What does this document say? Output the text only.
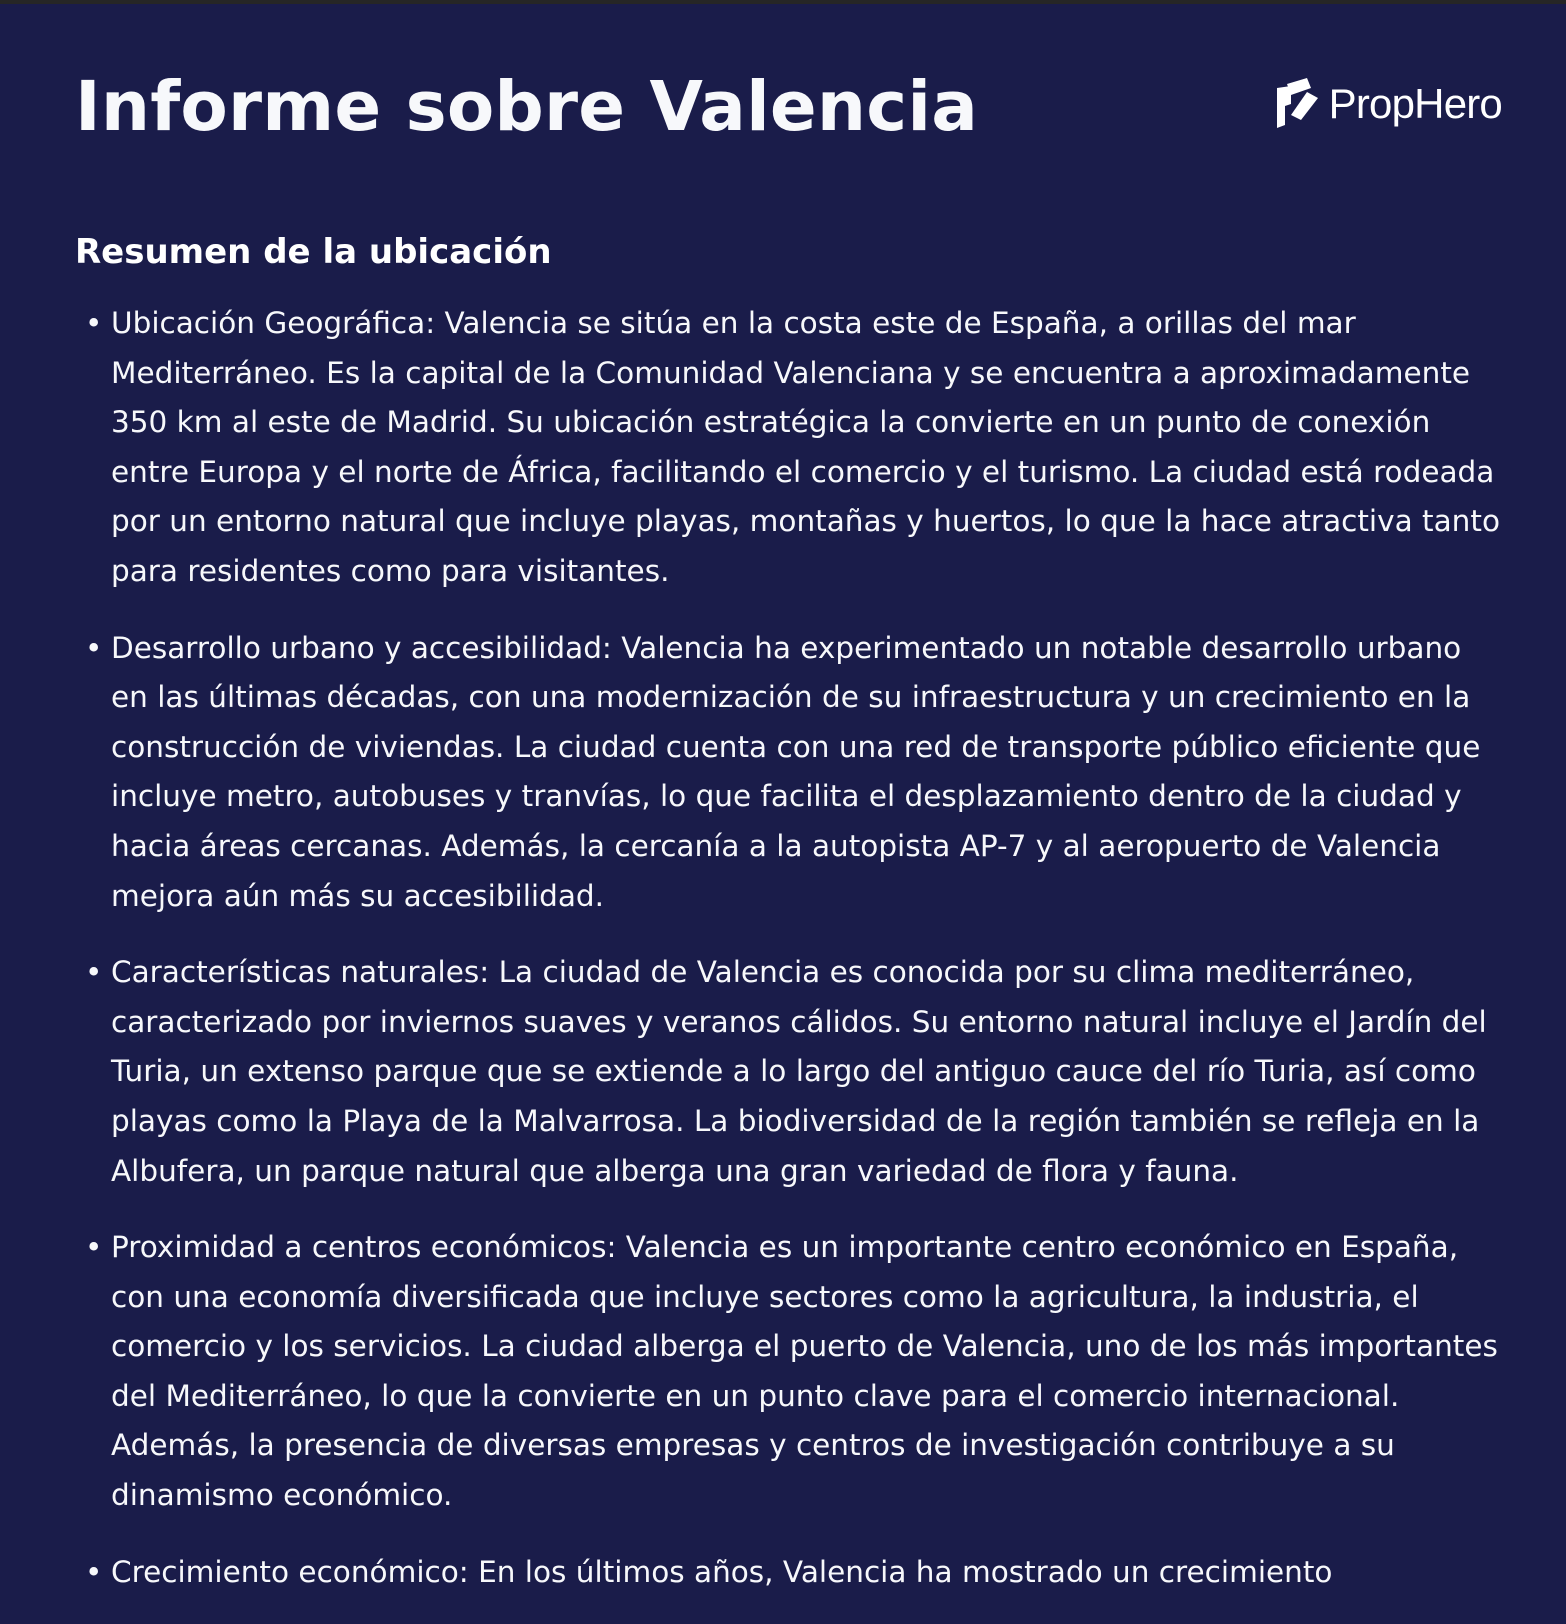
Informe sobre Valencia	PropHero
Resumen de la ubicación
• Ubicación Geográfica: Valencia se sitúa en la costa este de España, a orillas del mar Mediterráneo. Es la capital de la Comunidad Valenciana y se encuentra a aproximadamente 350 km al este de Madrid. Su ubicación estratégica la convierte en un punto de conexión entre Europa y el norte de África, facilitando el comercio y el turismo. La ciudad está rodeada por un entorno natural que incluye playas, montañas y huertos, lo que la hace atractiva tanto para residentes como para visitantes.
• Desarrollo urbano y accesibilidad: Valencia ha experimentado un notable desarrollo urbano en las últimas décadas, con una modernización de su infraestructura y un crecimiento en la construcción de viviendas. La ciudad cuenta con una red de transporte público eficiente que incluye metro, autobuses y tranvías, lo que facilita el desplazamiento dentro de la ciudad y hacia áreas cercanas. Además, la cercanía a la autopista AP-7 y al aeropuerto de Valencia mejora aún más su accesibilidad.
• Características naturales: La ciudad de Valencia es conocida por su clima mediterráneo, caracterizado por inviernos suaves y veranos cálidos. Su entorno natural incluye el Jardín del Turia, un extenso parque que se extiende a lo largo del antiguo cauce del río Turia, así como playas como la Playa de la Malvarrosa. La biodiversidad de la región también se refleja en la Albufera, un parque natural que alberga una gran variedad de flora y fauna.
• Proximidad a centros económicos: Valencia es un importante centro económico en España, con una economía diversificada que incluye sectores como la agricultura, la industria, el comercio y los servicios. La ciudad alberga el puerto de Valencia, uno de los más importantes del Mediterráneo, lo que la convierte en un punto clave para el comercio internacional. Además, la presencia de diversas empresas y centros de investigación contribuye a su dinamismo económico.
• Crecimiento económico: En los últimos años, Valencia ha mostrado un crecimiento
